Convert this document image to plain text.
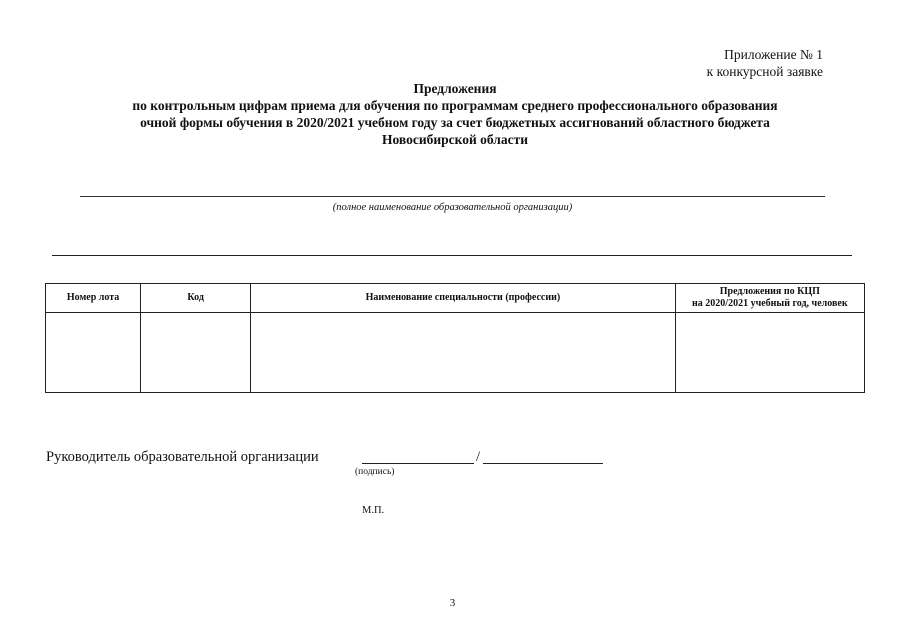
Приложение № 1
к конкурсной заявке
Предложения
по контрольным цифрам приема для обучения по программам среднего профессионального образования
очной формы обучения в 2020/2021 учебном году за счет бюджетных ассигнований областного бюджета
Новосибирской области
(полное наименование образовательной организации)
Номер лота	Код	Наименование специальности (профессии)	Предложения по КЦП
на 2020/2021 учебный год, человек

Руководитель образовательной организации	/
(подпись)
М.П.
3
